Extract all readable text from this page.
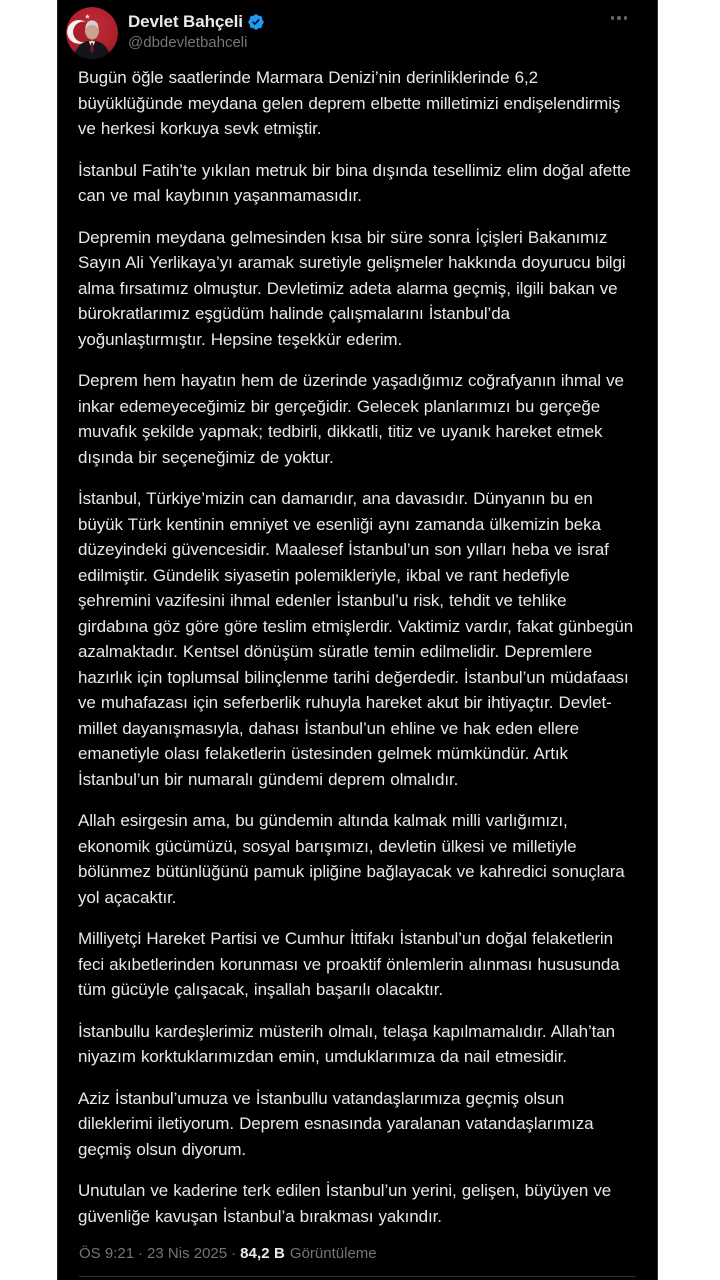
Devlet Bahçeli
@dbdevletbahceli

Bugün öğle saatlerinde Marmara Denizi’nin derinliklerinde 6,2 büyüklüğünde meydana gelen deprem elbette milletimizi endişelendirmiş ve herkesi korkuya sevk etmiştir.

İstanbul Fatih’te yıkılan metruk bir bina dışında tesellimiz elim doğal afette can ve mal kaybının yaşanmamasıdır.

Depremin meydana gelmesinden kısa bir süre sonra İçişleri Bakanımız Sayın Ali Yerlikaya’yı aramak suretiyle gelişmeler hakkında doyurucu bilgi alma fırsatımız olmuştur. Devletimiz adeta alarma geçmiş, ilgili bakan ve bürokratlarımız eşgüdüm halinde çalışmalarını İstanbul’da yoğunlaştırmıştır. Hepsine teşekkür ederim.

Deprem hem hayatın hem de üzerinde yaşadığımız coğrafyanın ihmal ve inkar edemeyeceğimiz bir gerçeğidir. Gelecek planlarımızı bu gerçeğe muvafık şekilde yapmak; tedbirli, dikkatli, titiz ve uyanık hareket etmek dışında bir seçeneğimiz de yoktur.

İstanbul, Türkiye’mizin can damarıdır, ana davasıdır. Dünyanın bu en büyük Türk kentinin emniyet ve esenliği aynı zamanda ülkemizin beka düzeyindeki güvencesidir. Maalesef İstanbul’un son yılları heba ve israf edilmiştir. Gündelik siyasetin polemikleriyle, ikbal ve rant hedefiyle şehremini vazifesini ihmal edenler İstanbul’u risk, tehdit ve tehlike girdabına göz göre göre teslim etmişlerdir. Vaktimiz vardır, fakat günbegün azalmaktadır. Kentsel dönüşüm süratle temin edilmelidir. Depremlere hazırlık için toplumsal bilinçlenme tarihi değerdedir. İstanbul’un müdafaası ve muhafazası için seferberlik ruhuyla hareket akut bir ihtiyaçtır. Devlet-millet dayanışmasıyla, dahası İstanbul’un ehline ve hak eden ellere emanetiyle olası felaketlerin üstesinden gelmek mümkündür. Artık İstanbul’un bir numaralı gündemi deprem olmalıdır.

Allah esirgesin ama, bu gündemin altında kalmak milli varlığımızı, ekonomik gücümüzü, sosyal barışımızı, devletin ülkesi ve milletiyle bölünmez bütünlüğünü pamuk ipliğine bağlayacak ve kahredici sonuçlara yol açacaktır.

Milliyetçi Hareket Partisi ve Cumhur İttifakı İstanbul’un doğal felaketlerin feci akıbetlerinden korunması ve proaktif önlemlerin alınması hususunda tüm gücüyle çalışacak, inşallah başarılı olacaktır.

İstanbullu kardeşlerimiz müsterih olmalı, telaşa kapılmamalıdır. Allah’tan niyazım korktuklarımızdan emin, umduklarımıza da nail etmesidir.

Aziz İstanbul’umuza ve İstanbullu vatandaşlarımıza geçmiş olsun dileklerimi iletiyorum. Deprem esnasında yaralanan vatandaşlarımıza geçmiş olsun diyorum.

Unutulan ve kaderine terk edilen İstanbul’un yerini, gelişen, büyüyen ve güvenliğe kavuşan İstanbul’a bırakması yakındır.

ÖS 9:21 · 23 Nis 2025 · 84,2 B Görüntüleme
